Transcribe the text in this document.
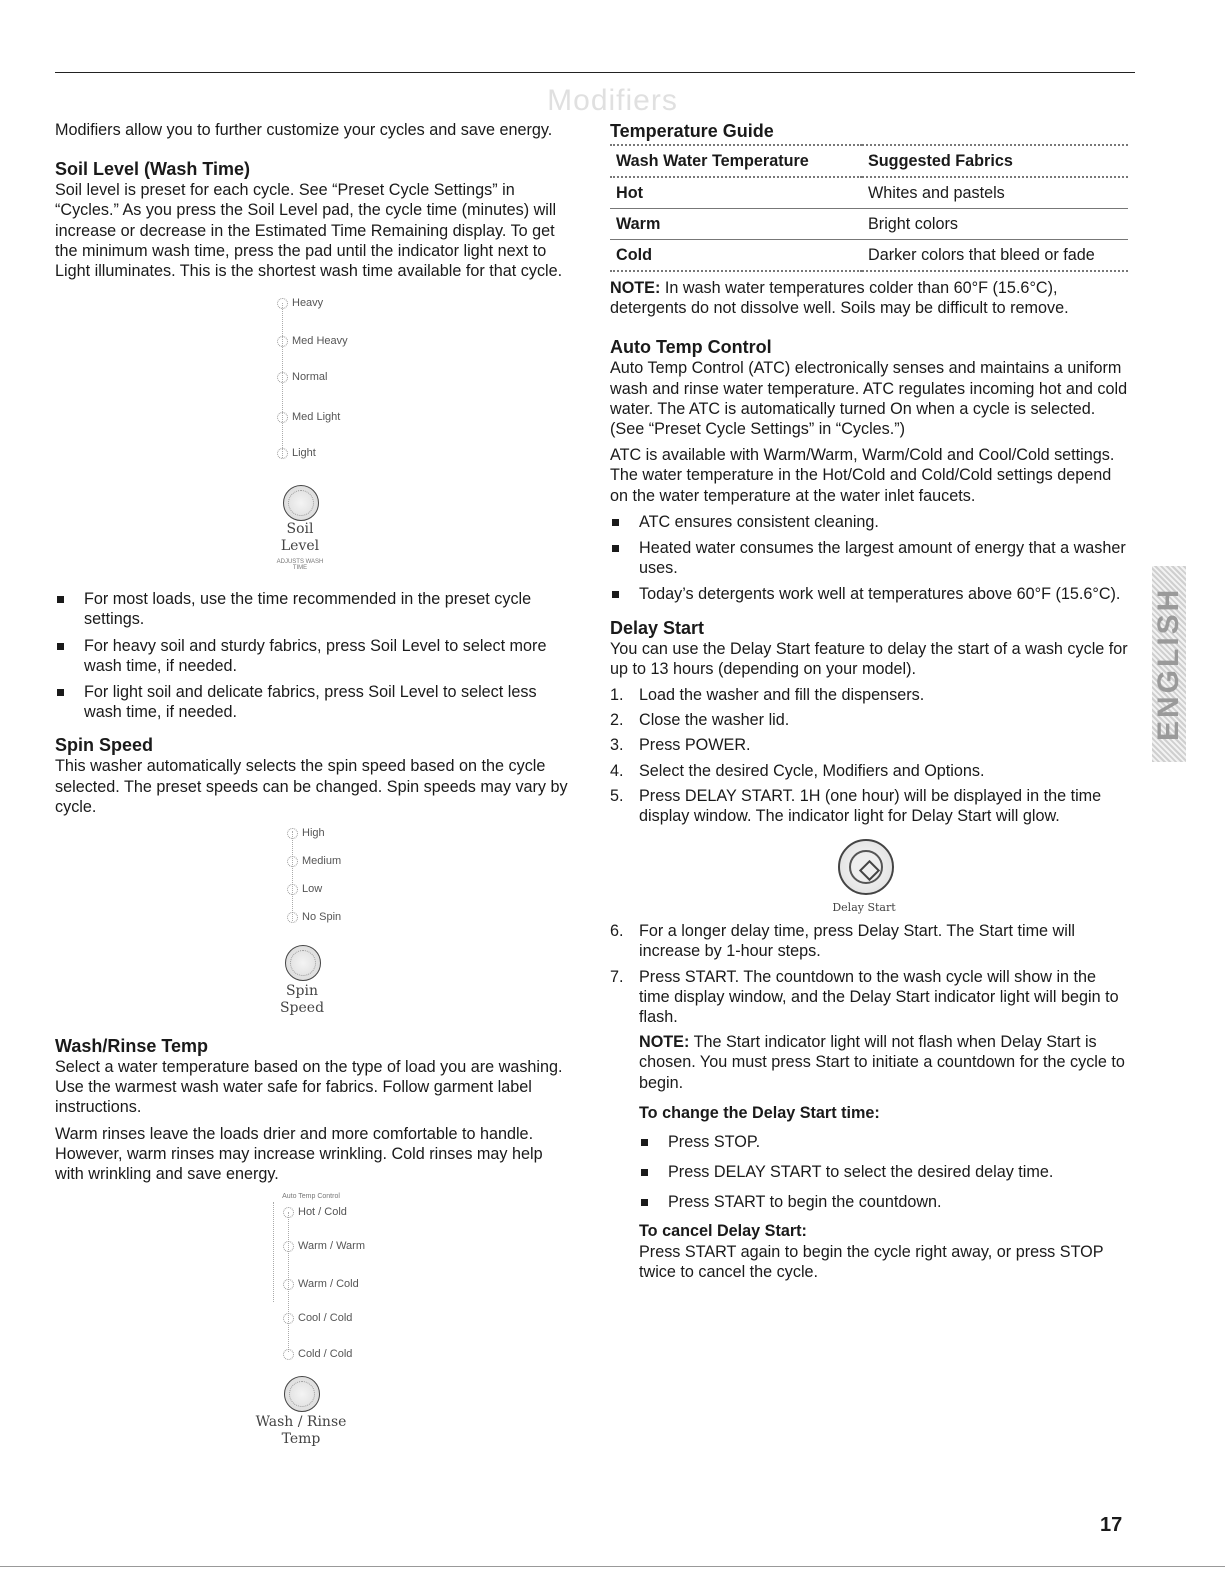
Modifiers

Modifiers allow you to further customize your cycles and save energy.

Soil Level (Wash Time)

Soil level is preset for each cycle. See “Preset Cycle Settings” in “Cycles.” As you press the Soil Level pad, the cycle time (minutes) will increase or decrease in the Estimated Time Remaining display. To get the minimum wash time, press the pad until the indicator light next to Light illuminates. This is the shortest wash time available for that cycle.

Heavy
Med Heavy
Normal
Med Light
Light
Soil
Level
ADJUSTS WASH TIME
For most loads, use the time recommended in the preset cycle settings.
For heavy soil and sturdy fabrics, press Soil Level to select more wash time, if needed.
For light soil and delicate fabrics, press Soil Level to select less wash time, if needed.
Spin Speed

This washer automatically selects the spin speed based on the cycle selected. The preset speeds can be changed. Spin speeds may vary by cycle.

High
Medium
Low
No Spin
Spin
Speed
Wash/Rinse Temp

Select a water temperature based on the type of load you are washing. Use the warmest wash water safe for fabrics. Follow garment label instructions.

Warm rinses leave the loads drier and more comfortable to handle. However, warm rinses may increase wrinkling. Cold rinses may help with wrinkling and save energy.

Auto Temp Control
Hot / Cold
Warm / Warm
Warm / Cold
Cool / Cold
Cold / Cold
Wash / Rinse
Temp
Temperature Guide
Wash Water Temperature	Suggested Fabrics
Hot	Whites and pastels
Warm	Bright colors
Cold	Darker colors that bleed or fade

NOTE: In wash water temperatures colder than 60°F (15.6°C), detergents do not dissolve well. Soils may be difficult to remove.

Auto Temp Control

Auto Temp Control (ATC) electronically senses and maintains a uniform wash and rinse water temperature. ATC regulates incoming hot and cold water. The ATC is automatically turned On when a cycle is selected. (See “Preset Cycle Settings” in “Cycles.”)

ATC is available with Warm/Warm, Warm/Cold and Cool/Cold settings. The water temperature in the Hot/Cold and Cold/Cold settings depend on the water temperature at the water inlet faucets.

ATC ensures consistent cleaning.
Heated water consumes the largest amount of energy that a washer uses.
Today’s detergents work well at temperatures above 60°F (15.6°C).
Delay Start

You can use the Delay Start feature to delay the start of a wash cycle for up to 13 hours (depending on your model).

1. Load the washer and fill the dispensers.
2. Close the washer lid.
3. Press POWER.
4. Select the desired Cycle, Modifiers and Options.
5. Press DELAY START. 1H (one hour) will be displayed in the time display window. The indicator light for Delay Start will glow.
Delay Start
6. For a longer delay time, press Delay Start. The Start time will increase by 1-hour steps.
7. Press START. The countdown to the wash cycle will show in the time display window, and the Delay Start indicator light will begin to flash.

NOTE: The Start indicator light will not flash when Delay Start is chosen. You must press Start to initiate a countdown for the cycle to begin.

To change the Delay Start time:
Press STOP.
Press DELAY START to select the desired delay time.
Press START to begin the countdown.
To cancel Delay Start:

Press START again to begin the cycle right away, or press STOP twice to cancel the cycle.

ENGLISH
17
